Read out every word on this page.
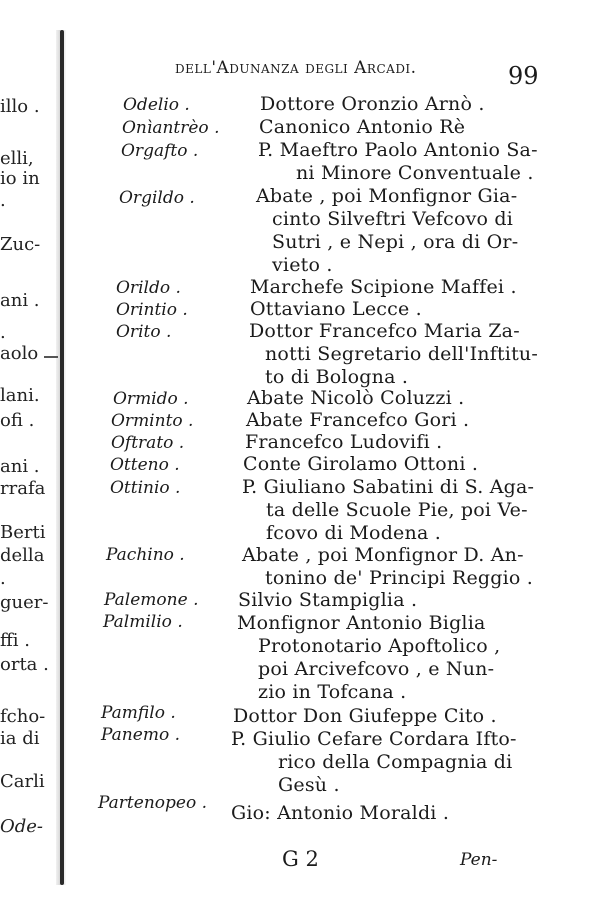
illo .
elli,
io in
.
Zuc-
ani .
.
aolo
lani.
ofi .
ani .
rrafa
Berti
della
.
guer-
ffi .
orta .
fcho-
ia di
Carli
Ode-
dell'Adunanza degli Arcadi.	99
Odelio .	Dottore Oronzio Arnò .
Onìantrèo . Canonico Antonio Rè
Orgafto .	P. Maeftro Paolo Antonio Sa-
ni Minore Conventuale .
Orgildo .	Abate , poi Monfignor Gia-
cinto Silveftri Vefcovo di
Sutri , e Nepi , ora di Or-
vieto .
Orildo .	Marchefe Scipione Maffei .
Orintio .	Ottaviano Lecce .
Orito .	Dottor Francefco Maria Za-
notti Segretario dell'Inftitu-
to di Bologna .
Ormido .	Abate Nicolò Coluzzi .
Orminto .	Abate Francefco Gori .
Oftrato .	Francefco Ludovifi .
Otteno .	Conte Girolamo Ottoni .
Ottinio .	P. Giuliano Sabatini di S. Aga-
ta delle Scuole Pie, poi Ve-
fcovo di Modena .
Pachino .	Abate , poi Monfignor D. An-
tonino de' Principi Reggio .
Palemone . Silvio Stampiglia .
Palmilio .	Monfignor Antonio Biglia
Protonotario Apoftolico ,
poi Arcivefcovo , e Nun-
zio in Tofcana .
Pamfilo .	Dottor Don Giufeppe Cito .
Panemo .	P. Giulio Cefare Cordara Ifto-
rico della Compagnia di
Gesù .
Partenopeo . Gio: Antonio Moraldi .
G 2	Pen-
